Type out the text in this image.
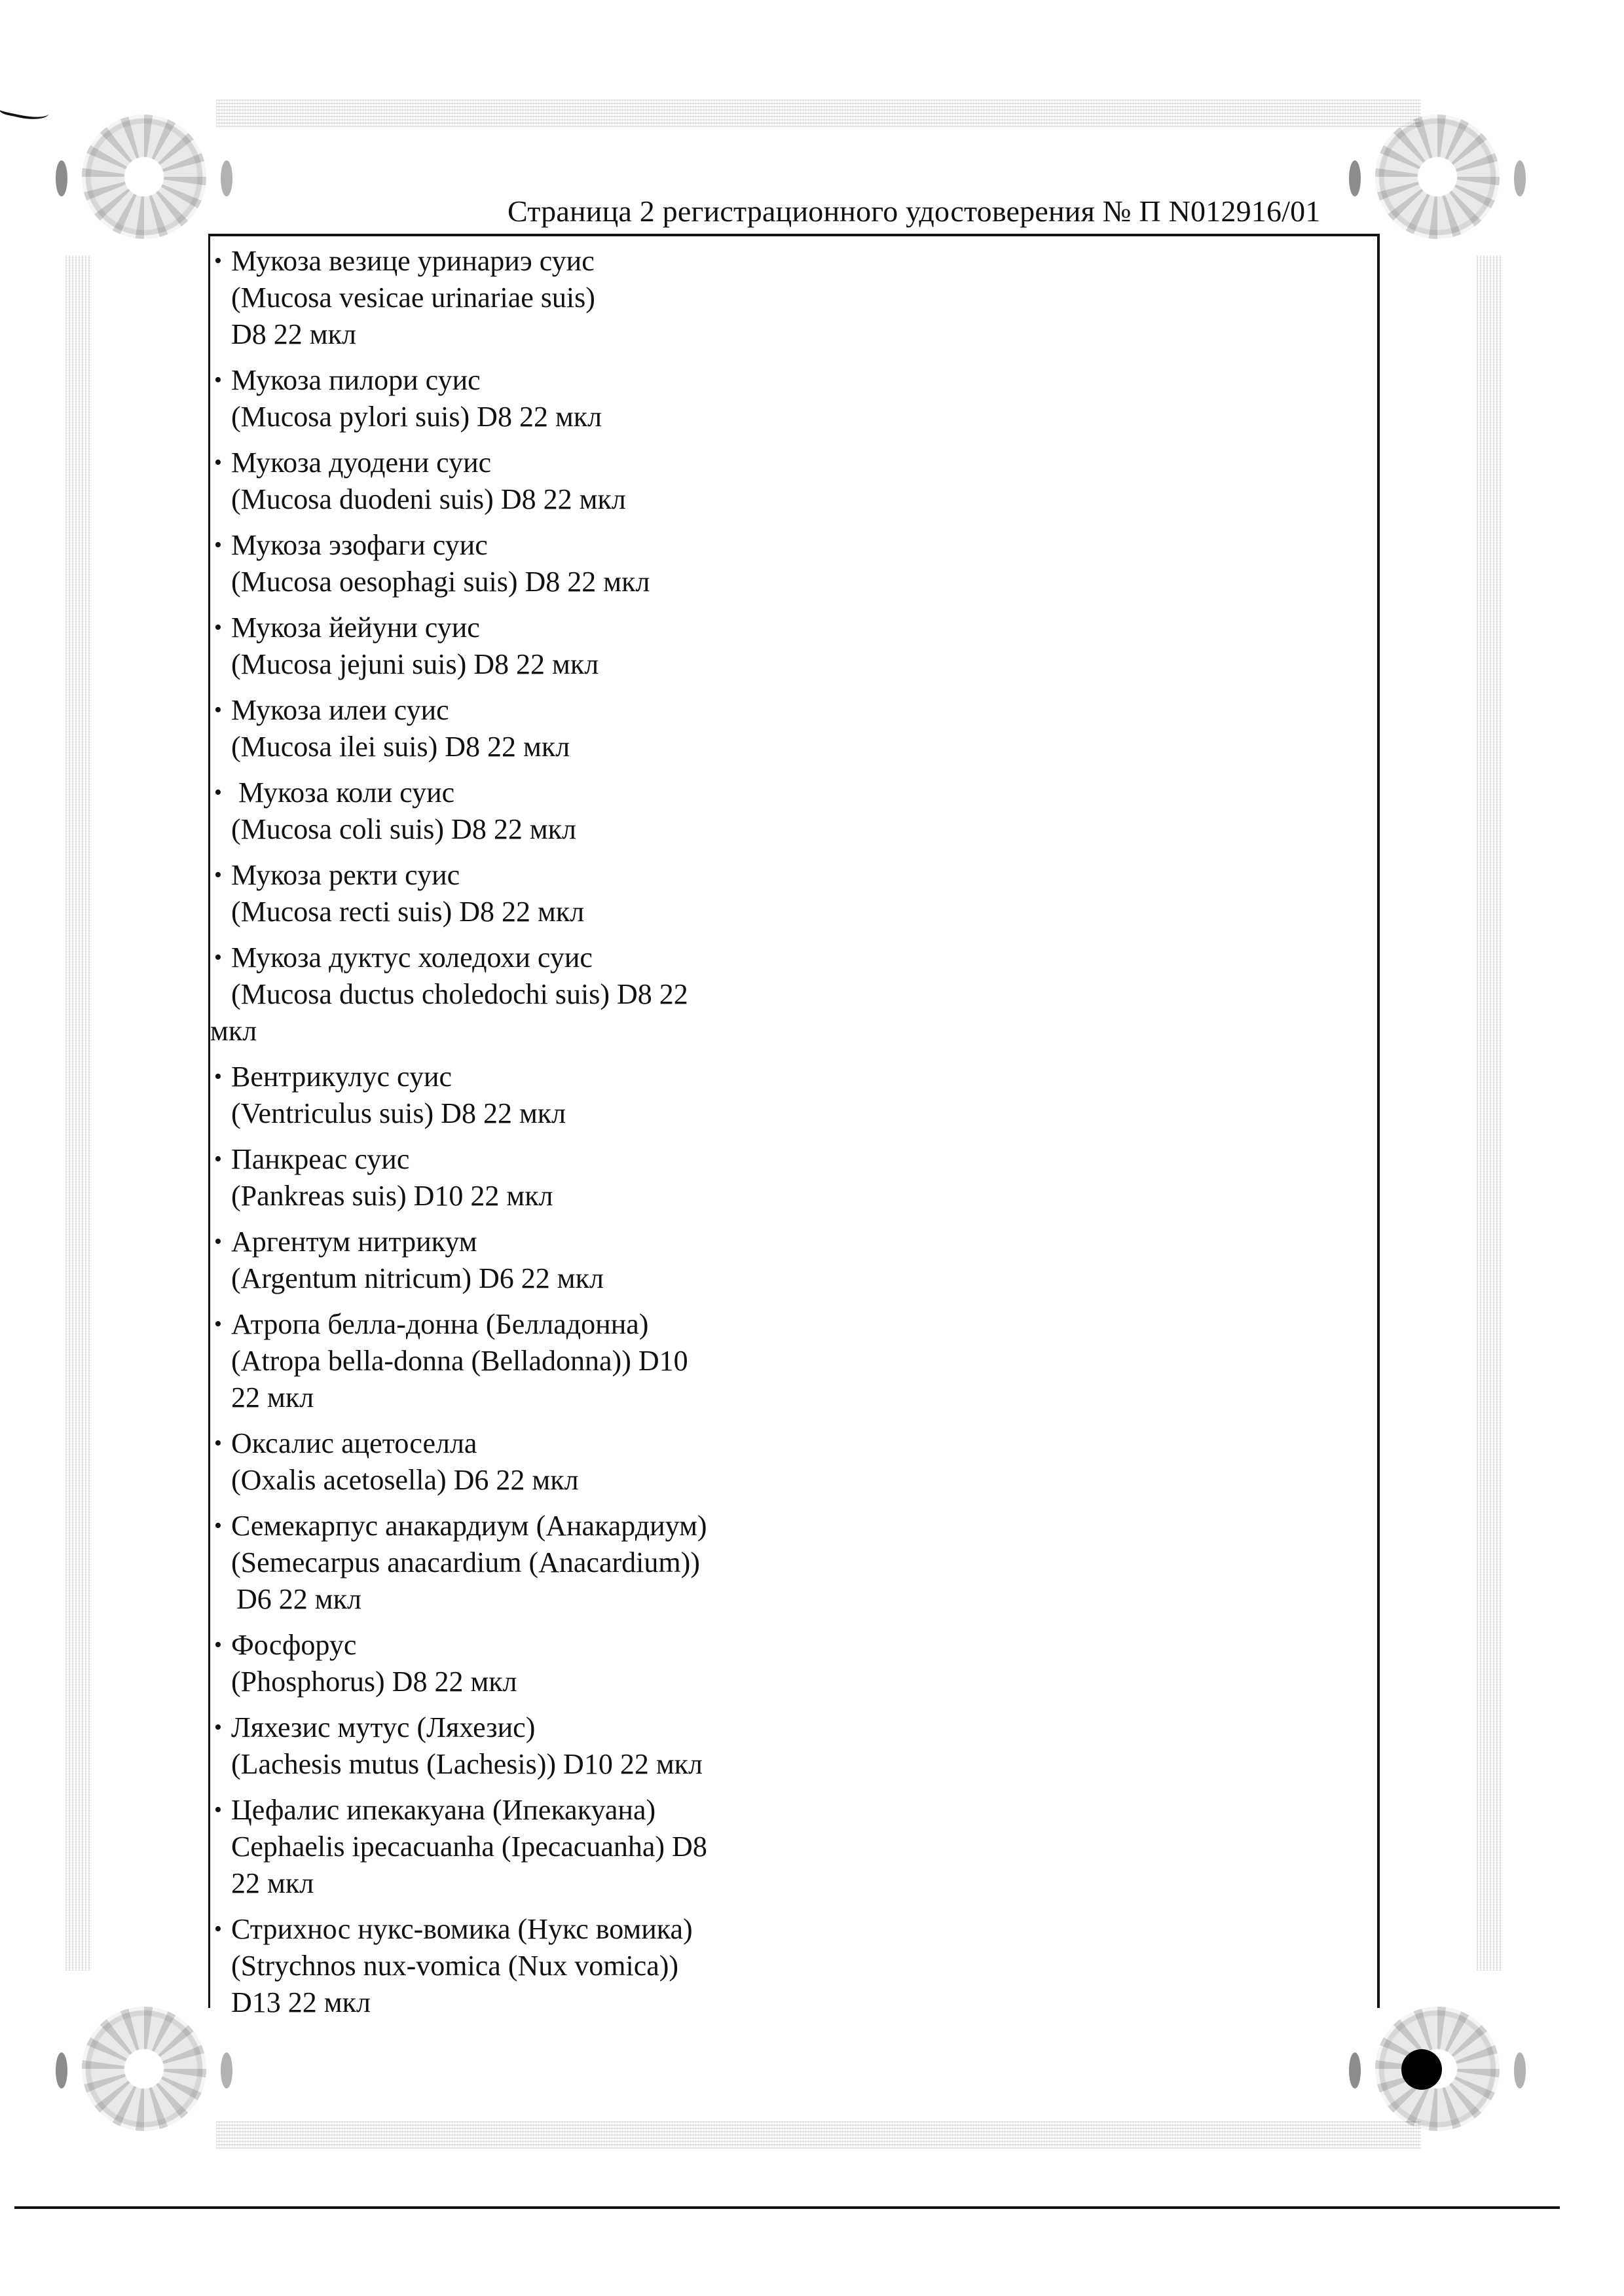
Страница 2 регистрационного удостоверения № П N012916/01
• Мукоза везице уринариэ суис
(Mucosa vesicae urinariae suis)
D8 22 мкл
• Мукоза пилори суис
(Mucosa pylori suis) D8 22 мкл
• Мукоза дуодени суис
(Mucosa duodeni suis) D8 22 мкл
• Мукоза эзофаги суис
(Mucosa oesophagi suis) D8 22 мкл
• Мукоза йейуни суис
(Mucosa jejuni suis) D8 22 мкл
• Мукоза илеи суис
(Mucosa ilei suis) D8 22 мкл
• Мукоза коли суис
(Mucosa coli suis) D8 22 мкл
• Мукоза ректи суис
(Mucosa recti suis) D8 22 мкл
• Мукоза дуктус холедохи суис
(Mucosa ductus choledochi suis) D8 22
мкл
• Вентрикулус суис
(Ventriculus suis) D8 22 мкл
• Панкреас суис
(Pankreas suis) D10 22 мкл
• Аргентум нитрикум
(Argentum nitricum) D6 22 мкл
• Атропа белла-донна (Белладонна)
(Atropa bella-donna (Belladonna)) D10
22 мкл
• Оксалис ацетоселла
(Oxalis acetosella) D6 22 мкл
• Семекарпус анакардиум (Анакардиум)
(Semecarpus anacardium (Anacardium))
D6 22 мкл
• Фосфорус
(Phosphorus) D8 22 мкл
• Ляхезис мутус (Ляхезис)
(Lachesis mutus (Lachesis)) D10 22 мкл
• Цефалис ипекакуана (Ипекакуана)
Cephaelis ipecacuanha (Ipecacuanha) D8
22 мкл
• Стрихнос нукс-вомика (Нукс вомика)
(Strychnos nux-vomica (Nux vomica))
D13 22 мкл
